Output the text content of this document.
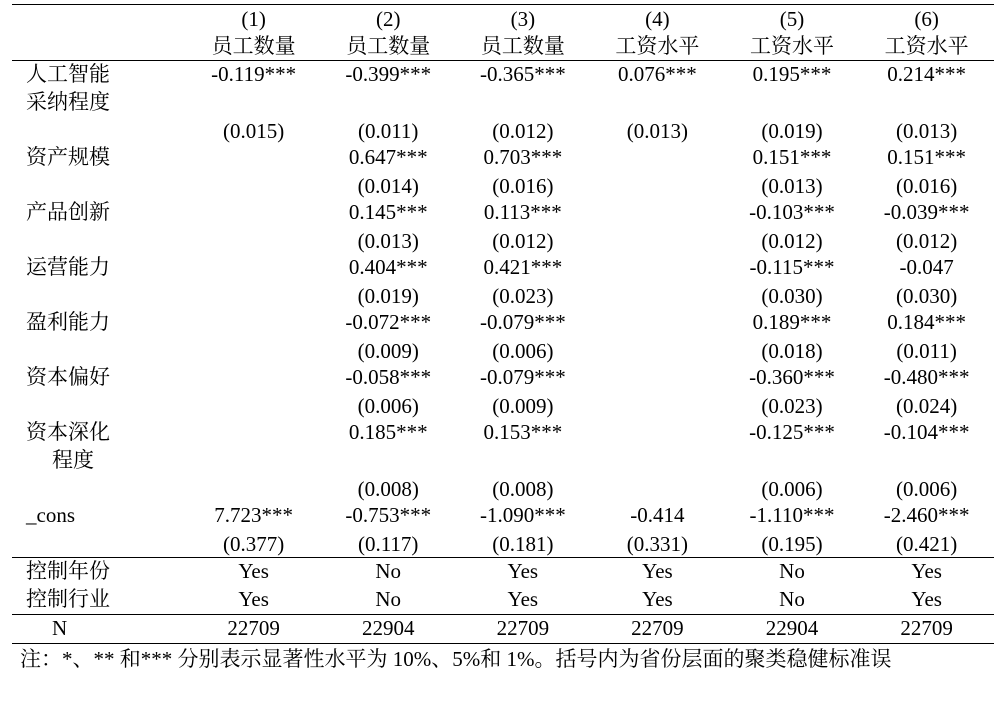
	(1)	(2)	(3)	(4)	(5)	(6)
	员工数量	员工数量	员工数量	工资水平	工资水平	工资水平
人工智能	-0.119***	-0.399***	-0.365***	0.076***	0.195***	0.214***
采纳程度						
	(0.015)	(0.011)	(0.012)	(0.013)	(0.019)	(0.013)
资产规模		0.647***	0.703***		0.151***	0.151***
		(0.014)	(0.016)		(0.013)	(0.016)
产品创新		0.145***	0.113***		-0.103***	-0.039***
		(0.013)	(0.012)		(0.012)	(0.012)
运营能力		0.404***	0.421***		-0.115***	-0.047
		(0.019)	(0.023)		(0.030)	(0.030)
盈利能力		-0.072***	-0.079***		0.189***	0.184***
		(0.009)	(0.006)		(0.018)	(0.011)
资本偏好		-0.058***	-0.079***		-0.360***	-0.480***
		(0.006)	(0.009)		(0.023)	(0.024)
资本深化		0.185***	0.153***		-0.125***	-0.104***
程度						
		(0.008)	(0.008)		(0.006)	(0.006)
_cons	7.723***	-0.753***	-1.090***	-0.414	-1.110***	-2.460***
	(0.377)	(0.117)	(0.181)	(0.331)	(0.195)	(0.421)
控制年份	Yes	No	Yes	Yes	No	Yes
控制行业	Yes	No	Yes	Yes	No	Yes
N	22709	22904	22709	22709	22904	22709
注：*、** 和*** 分别表示显著性水平为 10%、5%和 1%。括号内为省份层面的聚类稳健标准误
